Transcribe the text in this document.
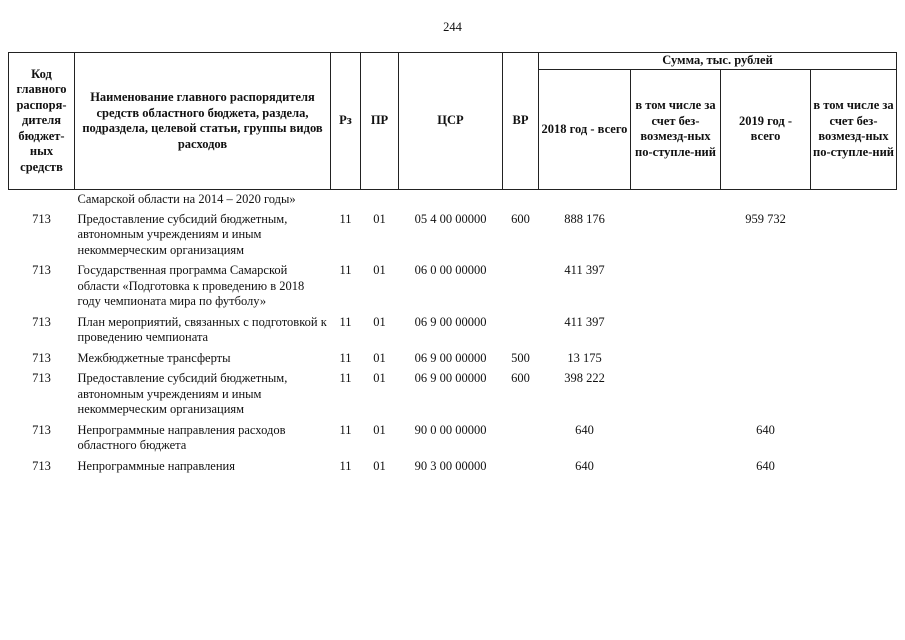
244
Код главного распоря-дителя бюджет-ных средств	Наименование главного распорядителя средств областного бюджета, раздела, подраздела, целевой статьи, группы видов расходов	Рз	ПР	ЦСР	ВР	Сумма, тыс. рублей			
						2018 год - всего	в том числе за счет без-возмезд-ных по-ступле-ний	2019 год - всего	в том числе за счет без-возмезд-ных по-ступле-ний
	Самарской области на 2014 – 2020 годы»								
713	Предоставление субсидий бюджетным, автономным учреждениям и иным некоммерческим организациям	11	01	05 4 00 00000	600	888 176		959 732	
713	Государственная программа Самарской области «Подготовка к проведению в 2018 году чемпионата мира по футболу»	11	01	06 0 00 00000		411 397			
713	План мероприятий, связанных с подготовкой к проведению чемпионата	11	01	06 9 00 00000		411 397			
713	Межбюджетные трансферты	11	01	06 9 00 00000	500	13 175			
713	Предоставление субсидий бюджетным, автономным учреждениям и иным некоммерческим организациям	11	01	06 9 00 00000	600	398 222			
713	Непрограммные направления расходов областного бюджета	11	01	90 0 00 00000		640		640	
713	Непрограммные направления	11	01	90 3 00 00000		640		640	
